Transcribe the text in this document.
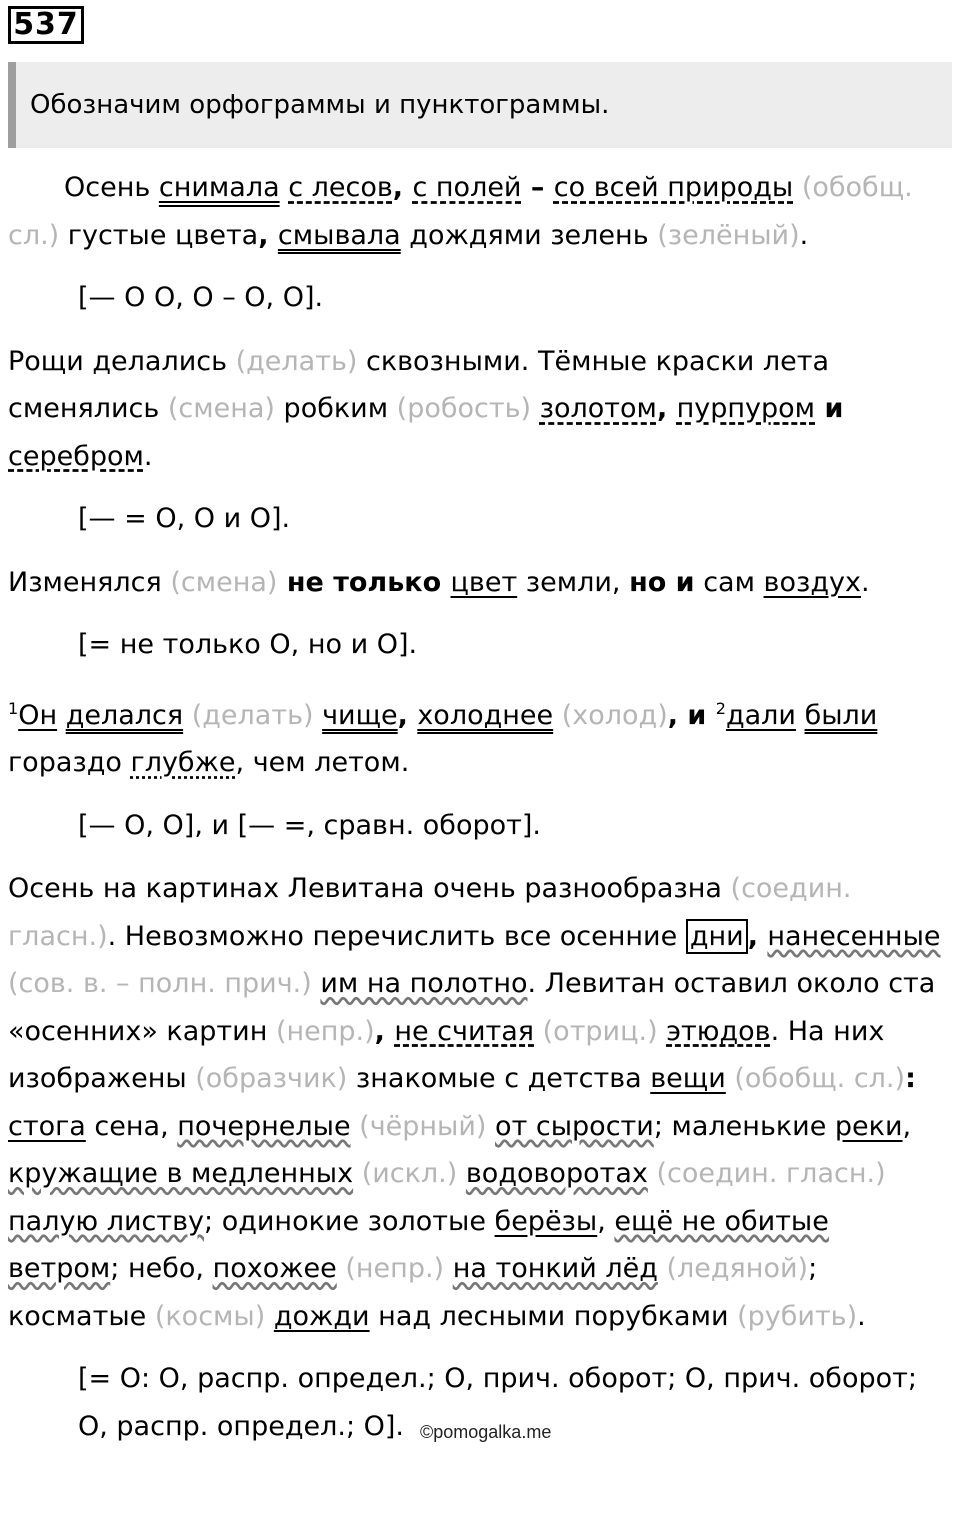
537
Обозначим орфограммы и пунктограммы.

Осень снимала с лесов, с полей – со всей природы (обобщ. сл.) густые цвета, смывала дождями зелень (зелёный).

[— О О, О – О, О].

Рощи делались (делать) сквозными. Тёмные краски лета сменялись (смена) робким (робость) золотом, пурпуром и серебром.

[— = О, О и О].

Изменялся (смена) не только цвет земли, но и сам воздух.

[= не только О, но и О].

$^1$Он делался (делать) чище, холоднее (холод), и $^2$дали были гораздо глубже, чем летом.

[— О, О], и [— =, сравн. оборот].

Осень на картинах Левитана очень разнообразна (соедин. гласн.). Невозможно перечислить все осенние дни , нанесенные (сов. в. – полн. прич.) им на полотно. Левитан оставил около ста «осенних» картин (непр.), не считая (отриц.) этюдов. На них изображены (образчик) знакомые с детства вещи (обобщ. сл.): стога сена, почернелые (чёрный) от сырости; маленькие реки, кружащие в медленных (искл.) водоворотах (соедин. гласн.) палую листву; одинокие золотые берёзы, ещё не обитые ветром; небо, похожее (непр.) на тонкий лёд (ледяной); косматые (космы) дожди над лесными порубками (рубить).

[= О: О, распр. определ.; О, прич. оборот; О, прич. оборот; О, распр. определ.; О]. ©pomogalka.me
